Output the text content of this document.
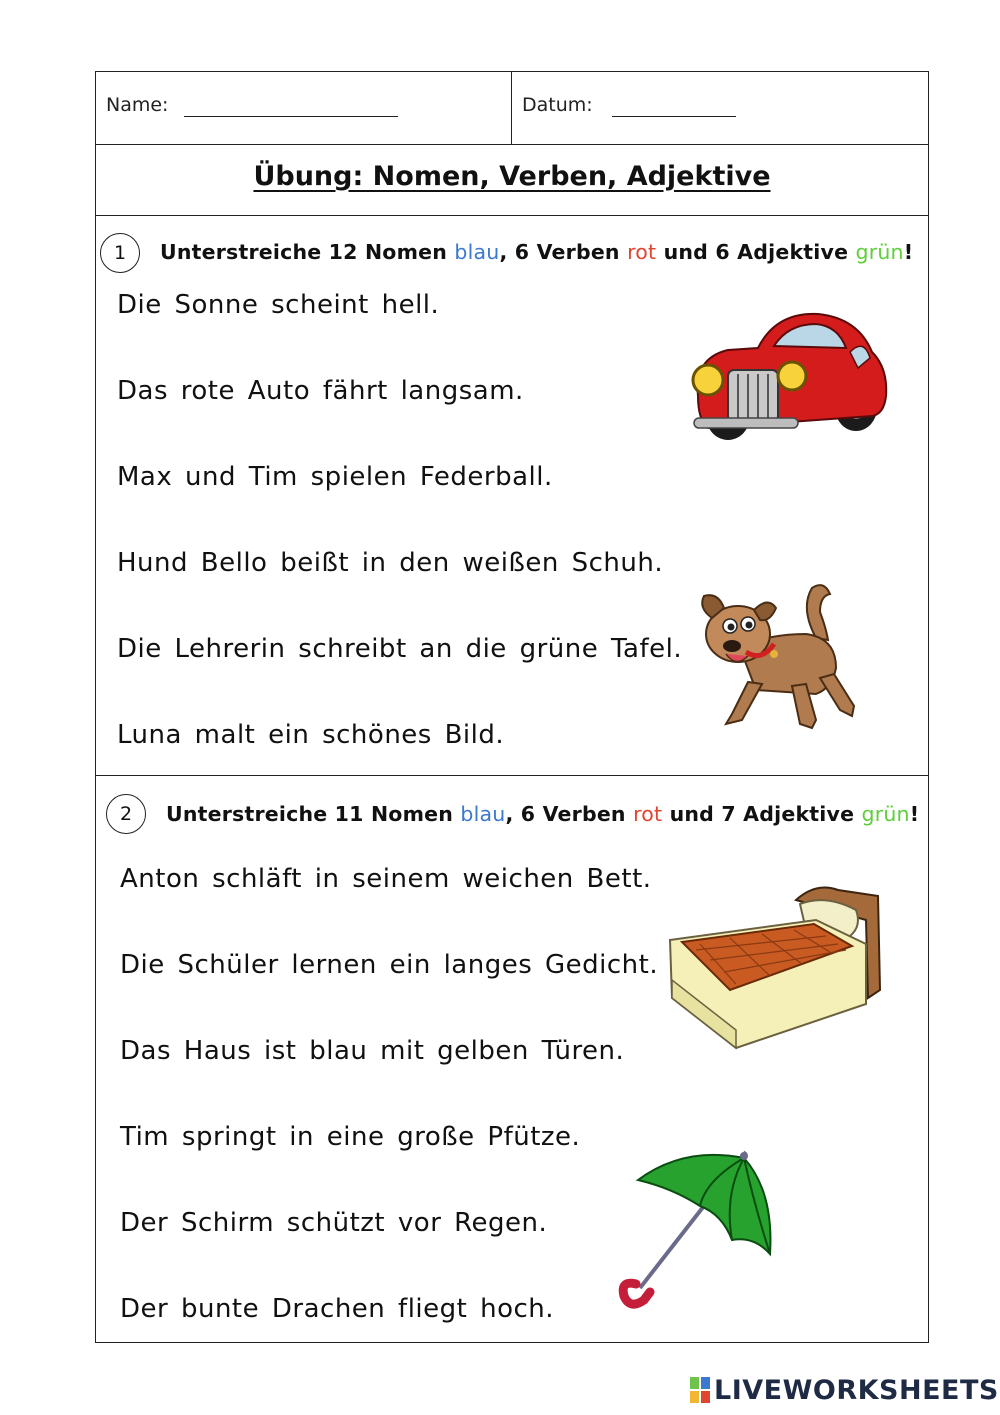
Name:	Datum:
Übung: Nomen, Verben, Adjektive
1	Unterstreiche 12 Nomen blau, 6 Verben rot und 6 Adjektive grün!
Die Sonne scheint hell.
Das rote Auto fährt langsam.
Max und Tim spielen Federball.
Hund Bello beißt in den weißen Schuh.
Die Lehrerin schreibt an die grüne Tafel.
Luna malt ein schönes Bild.
2	Unterstreiche 11 Nomen blau, 6 Verben rot und 7 Adjektive grün!
Anton schläft in seinem weichen Bett.
Die Schüler lernen ein langes Gedicht.
Das Haus ist blau mit gelben Türen.
Tim springt in eine große Pfütze.
Der Schirm schützt vor Regen.
Der bunte Drachen fliegt hoch.
LIVEWORKSHEETS
